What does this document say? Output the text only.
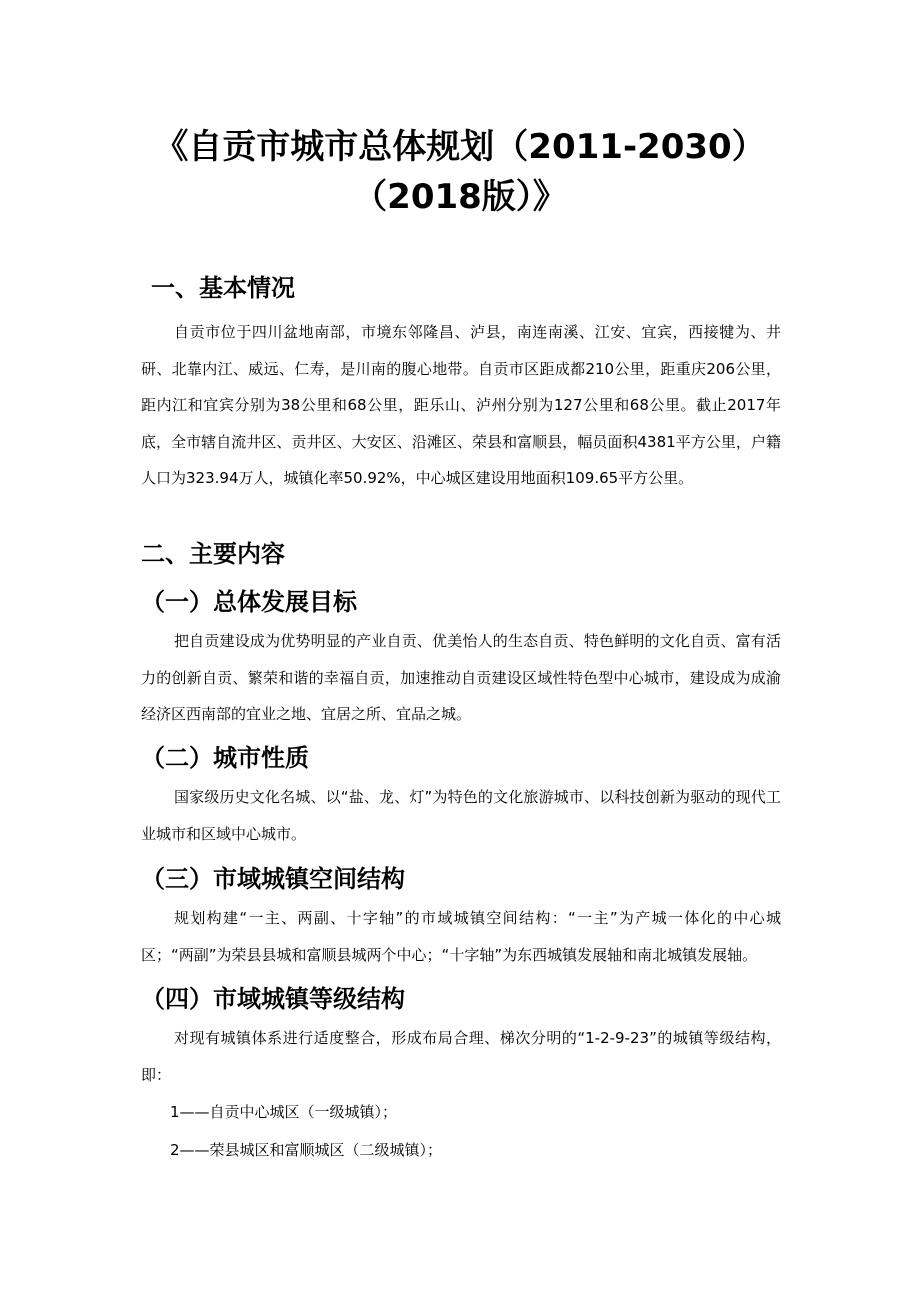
《自贡市城市总体规划（2011-2030）（2018版）》
一、基本情况

自贡市位于四川盆地南部，市境东邻隆昌、泸县，南连南溪、江安、宜宾，西接犍为、井研、北靠内江、威远、仁寿，是川南的腹心地带。自贡市区距成都210公里，距重庆206公里，距内江和宜宾分别为38公里和68公里，距乐山、泸州分别为127公里和68公里。截止2017年底，全市辖自流井区、贡井区、大安区、沿滩区、荣县和富顺县，幅员面积4381平方公里，户籍人口为323.94万人，城镇化率50.92%，中心城区建设用地面积109.65平方公里。

二、主要内容
（一）总体发展目标

把自贡建设成为优势明显的产业自贡、优美怡人的生态自贡、特色鲜明的文化自贡、富有活力的创新自贡、繁荣和谐的幸福自贡，加速推动自贡建设区域性特色型中心城市，建设成为成渝经济区西南部的宜业之地、宜居之所、宜品之城。

（二）城市性质

国家级历史文化名城、以“盐、龙、灯”为特色的文化旅游城市、以科技创新为驱动的现代工业城市和区域中心城市。

（三）市域城镇空间结构

规划构建“一主、两副、十字轴”的市域城镇空间结构：“一主”为产城一体化的中心城区；“两副”为荣县县城和富顺县城两个中心；“十字轴”为东西城镇发展轴和南北城镇发展轴。

（四）市域城镇等级结构

对现有城镇体系进行适度整合，形成布局合理、梯次分明的“1-2-9-23”的城镇等级结构，即：

1——自贡中心城区（一级城镇）；

2——荣县城区和富顺城区（二级城镇）；
